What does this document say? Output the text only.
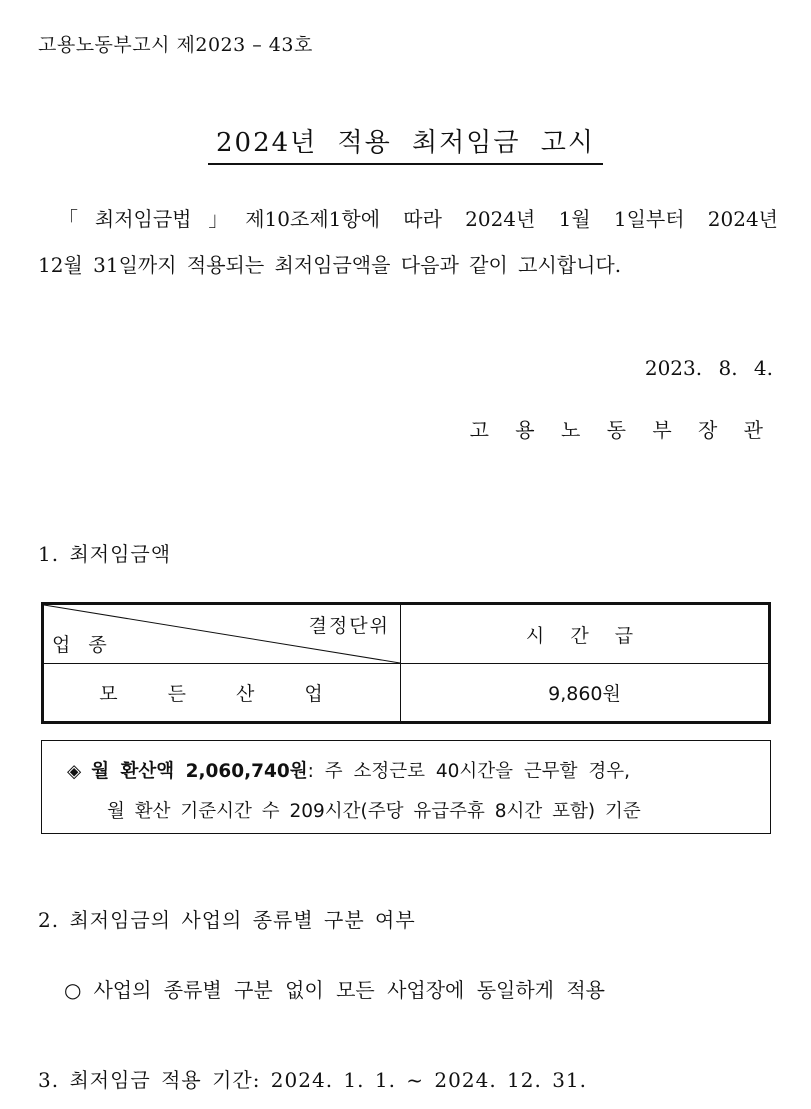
고용노동부고시 제2023 – 43호
2024년 적용 최저임금 고시
「최저임금법」제10조제1항에 따라 2024년 1월 1일부터 2024년
12월 31일까지 적용되는 최저임금액을 다음과 같이 고시합니다.
2023. 8. 4.
고 용 노 동 부 장 관
1. 최저임금액
결정단위
업 종	시 간 급
모 든 산 업	9,860원
◈ 월 환산액 2,060,740원: 주 소정근로 40시간을 근무할 경우,
월 환산 기준시간 수 209시간(주당 유급주휴 8시간 포함) 기준
2. 최저임금의 사업의 종류별 구분 여부
○ 사업의 종류별 구분 없이 모든 사업장에 동일하게 적용
3. 최저임금 적용 기간: 2024. 1. 1. ~ 2024. 12. 31.
